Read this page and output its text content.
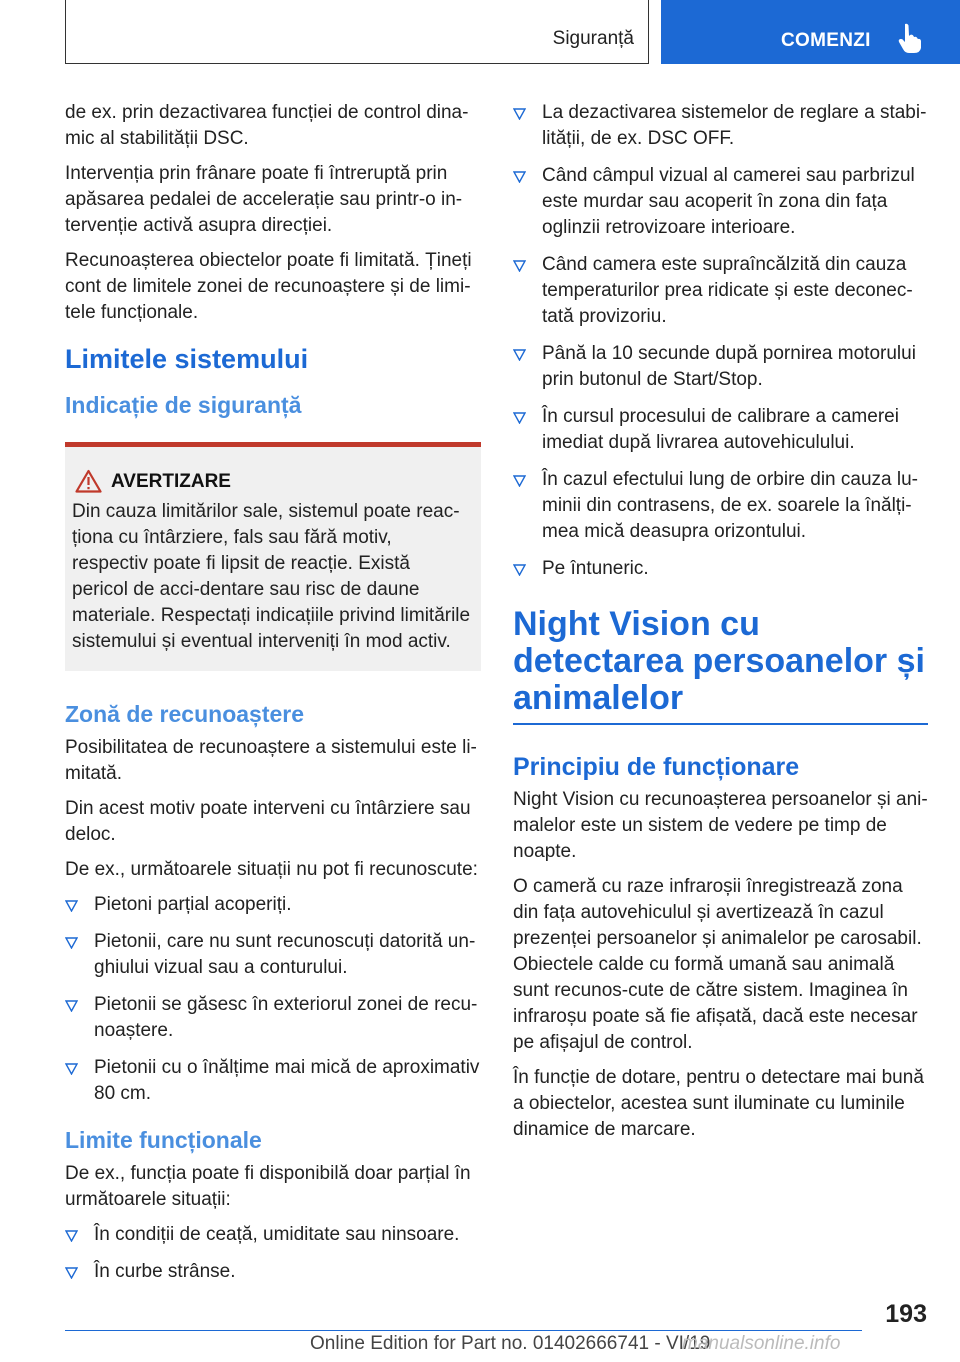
Siguranță	COMENZI

de ex. prin dezactivarea funcției de control dina-mic al stabilității DSC.

Intervenția prin frânare poate fi întreruptă prin apăsarea pedalei de accelerație sau printr-o in-tervenție activă asupra direcției.

Recunoașterea obiectelor poate fi limitată. Țineți cont de limitele zonei de recunoaștere și de limi-tele funcționale.

Limitele sistemului
Indicație de siguranță
AVERTIZARE

Din cauza limitărilor sale, sistemul poate reac-ționa cu întârziere, fals sau fără motiv, respectiv poate fi lipsit de reacție. Există pericol de acci-dentare sau risc de daune materiale. Respectați indicațiile privind limitările sistemului și eventual interveniți în mod activ.

Zonă de recunoaștere

Posibilitatea de recunoaștere a sistemului este li-mitată.

Din acest motiv poate interveni cu întârziere sau deloc.

De ex., următoarele situații nu pot fi recunoscute:

Pietoni parțial acoperiți.
Pietonii, care nu sunt recunoscuți datorită un-ghiului vizual sau a conturului.
Pietonii se găsesc în exteriorul zonei de recu-noaștere.
Pietonii cu o înălțime mai mică de aproximativ 80 cm.
Limite funcționale

De ex., funcția poate fi disponibilă doar parțial în următoarele situații:

În condiții de ceață, umiditate sau ninsoare.
În curbe strânse.
La dezactivarea sistemelor de reglare a stabi-lității, de ex. DSC OFF.
Când câmpul vizual al camerei sau parbrizul este murdar sau acoperit în zona din fața oglinzii retrovizoare interioare.
Când camera este supraîncălzită din cauza temperaturilor prea ridicate și este deconec-tată provizoriu.
Până la 10 secunde după pornirea motorului prin butonul de Start/Stop.
În cursul procesului de calibrare a camerei imediat după livrarea autovehiculului.
În cazul efectului lung de orbire din cauza lu-minii din contrasens, de ex. soarele la înălți-mea mică deasupra orizontului.
Pe întuneric.
Night Vision cu detectarea persoanelor și animalelor
Principiu de funcționare

Night Vision cu recunoașterea persoanelor și ani-malelor este un sistem de vedere pe timp de noapte.

O cameră cu raze infraroșii înregistrează zona din fața autovehiculul și avertizează în cazul prezenței persoanelor și animalelor pe carosabil. Obiectele calde cu formă umană sau animală sunt recunos-cute de către sistem. Imaginea în infraroșu poate să fie afișată, dacă este necesar pe afișajul de control.

În funcție de dotare, pentru o detectare mai bună a obiectelor, acestea sunt iluminate cu luminile dinamice de marcare.

193
Online Edition for Part no. 01402666741 - VI/19
manualsonline.info
